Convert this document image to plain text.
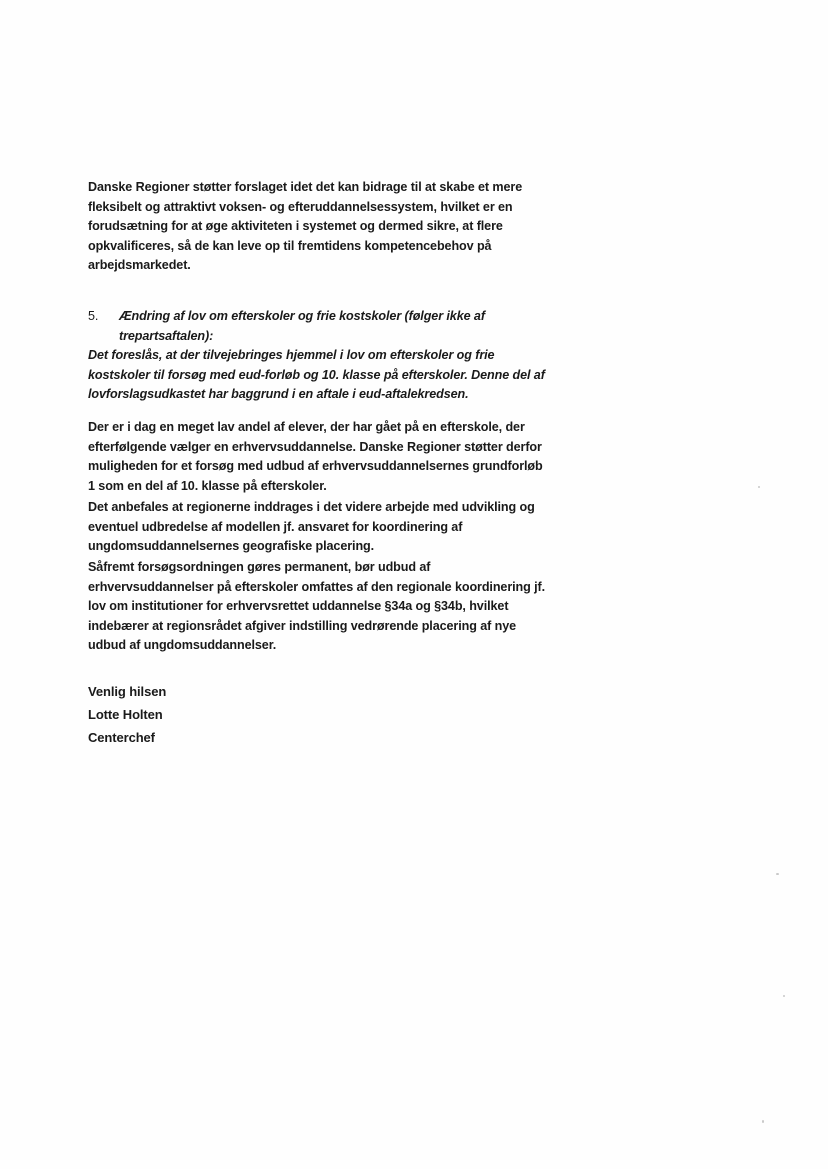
Danske Regioner støtter forslaget idet det kan bidrage til at skabe et mere

fleksibelt og attraktivt voksen- og efteruddannelsessystem, hvilket er en

forudsætning for at øge aktiviteten i systemet og dermed sikre, at flere

opkvalificeres, så de kan leve op til fremtidens kompetencebehov på

arbejdsmarkedet.

5. Ændring af lov om efterskoler og frie kostskoler (følger ikke af

trepartsaftalen):

Det foreslås, at der tilvejebringes hjemmel i lov om efterskoler og frie

kostskoler til forsøg med eud-forløb og 10. klasse på efterskoler. Denne del af

lovforslagsudkastet har baggrund i en aftale i eud-aftalekredsen.

Der er i dag en meget lav andel af elever, der har gået på en efterskole, der

efterfølgende vælger en erhvervsuddannelse. Danske Regioner støtter derfor

muligheden for et forsøg med udbud af erhvervsuddannelsernes grundforløb

1 som en del af 10. klasse på efterskoler.

Det anbefales at regionerne inddrages i det videre arbejde med udvikling og

eventuel udbredelse af modellen jf. ansvaret for koordinering af

ungdomsuddannelsernes geografiske placering.

Såfremt forsøgsordningen gøres permanent, bør udbud af

erhvervsuddannelser på efterskoler omfattes af den regionale koordinering jf.

lov om institutioner for erhvervsrettet uddannelse §34a og §34b, hvilket

indebærer at regionsrådet afgiver indstilling vedrørende placering af nye

udbud af ungdomsuddannelser.

Venlig hilsen

Lotte Holten

Centerchef
